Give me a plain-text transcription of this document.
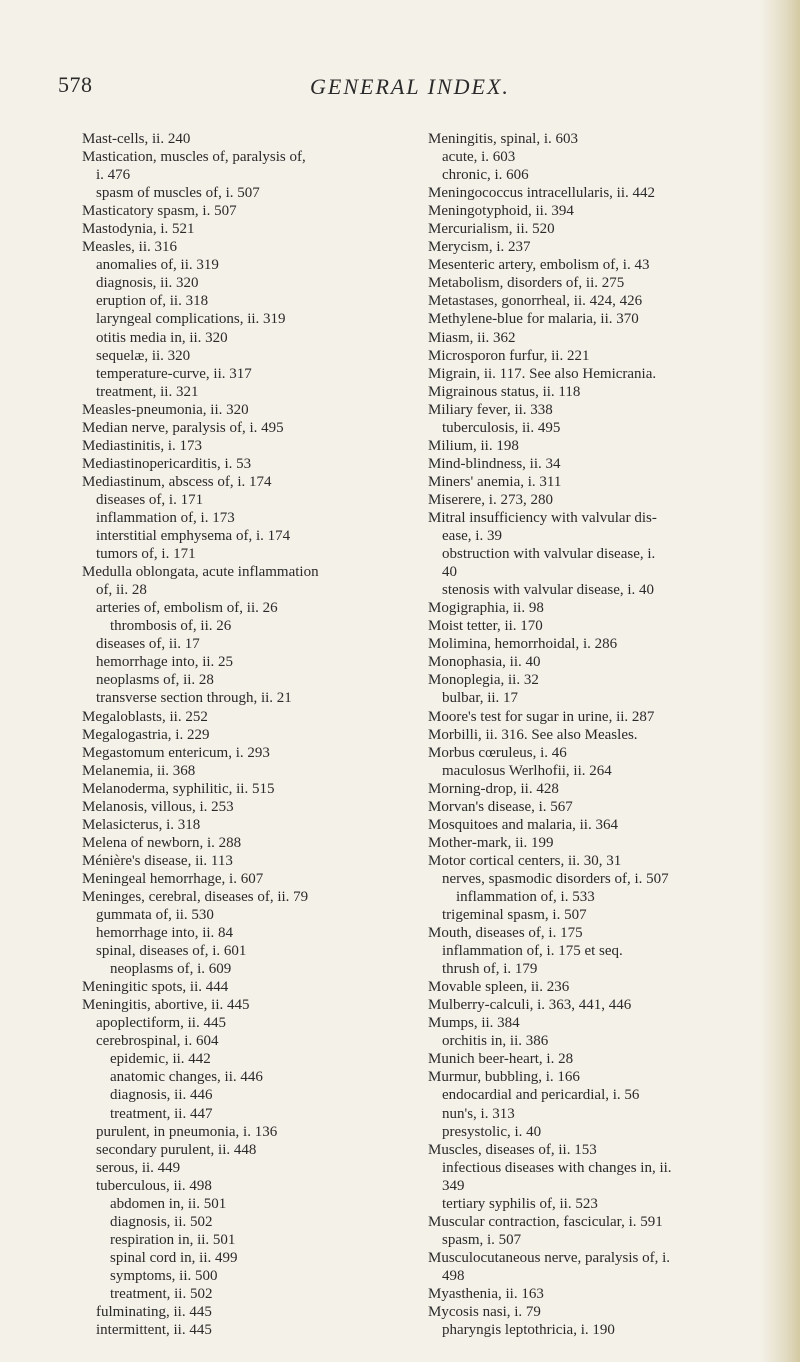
578	GENERAL INDEX.
Mast-cells, ii. 240
Mastication, muscles of, paralysis of,
i. 476
spasm of muscles of, i. 507
Masticatory spasm, i. 507
Mastodynia, i. 521
Measles, ii. 316
anomalies of, ii. 319
diagnosis, ii. 320
eruption of, ii. 318
laryngeal complications, ii. 319
otitis media in, ii. 320
sequelæ, ii. 320
temperature-curve, ii. 317
treatment, ii. 321
Measles-pneumonia, ii. 320
Median nerve, paralysis of, i. 495
Mediastinitis, i. 173
Mediastinopericarditis, i. 53
Mediastinum, abscess of, i. 174
diseases of, i. 171
inflammation of, i. 173
interstitial emphysema of, i. 174
tumors of, i. 171
Medulla oblongata, acute inflammation
of, ii. 28
arteries of, embolism of, ii. 26
thrombosis of, ii. 26
diseases of, ii. 17
hemorrhage into, ii. 25
neoplasms of, ii. 28
transverse section through, ii. 21
Megaloblasts, ii. 252
Megalogastria, i. 229
Megastomum entericum, i. 293
Melanemia, ii. 368
Melanoderma, syphilitic, ii. 515
Melanosis, villous, i. 253
Melasicterus, i. 318
Melena of newborn, i. 288
Ménière's disease, ii. 113
Meningeal hemorrhage, i. 607
Meninges, cerebral, diseases of, ii. 79
gummata of, ii. 530
hemorrhage into, ii. 84
spinal, diseases of, i. 601
neoplasms of, i. 609
Meningitic spots, ii. 444
Meningitis, abortive, ii. 445
apoplectiform, ii. 445
cerebrospinal, i. 604
epidemic, ii. 442
anatomic changes, ii. 446
diagnosis, ii. 446
treatment, ii. 447
purulent, in pneumonia, i. 136
secondary purulent, ii. 448
serous, ii. 449
tuberculous, ii. 498
abdomen in, ii. 501
diagnosis, ii. 502
respiration in, ii. 501
spinal cord in, ii. 499
symptoms, ii. 500
treatment, ii. 502
fulminating, ii. 445
intermittent, ii. 445
Meningitis, spinal, i. 603
acute, i. 603
chronic, i. 606
Meningococcus intracellularis, ii. 442
Meningotyphoid, ii. 394
Mercurialism, ii. 520
Merycism, i. 237
Mesenteric artery, embolism of, i. 43
Metabolism, disorders of, ii. 275
Metastases, gonorrheal, ii. 424, 426
Methylene-blue for malaria, ii. 370
Miasm, ii. 362
Microsporon furfur, ii. 221
Migrain, ii. 117. See also Hemicrania.
Migrainous status, ii. 118
Miliary fever, ii. 338
tuberculosis, ii. 495
Milium, ii. 198
Mind-blindness, ii. 34
Miners' anemia, i. 311
Miserere, i. 273, 280
Mitral insufficiency with valvular dis-
ease, i. 39
obstruction with valvular disease, i.
40
stenosis with valvular disease, i. 40
Mogigraphia, ii. 98
Moist tetter, ii. 170
Molimina, hemorrhoidal, i. 286
Monophasia, ii. 40
Monoplegia, ii. 32
bulbar, ii. 17
Moore's test for sugar in urine, ii. 287
Morbilli, ii. 316. See also Measles.
Morbus cœruleus, i. 46
maculosus Werlhofii, ii. 264
Morning-drop, ii. 428
Morvan's disease, i. 567
Mosquitoes and malaria, ii. 364
Mother-mark, ii. 199
Motor cortical centers, ii. 30, 31
nerves, spasmodic disorders of, i. 507
inflammation of, i. 533
trigeminal spasm, i. 507
Mouth, diseases of, i. 175
inflammation of, i. 175 et seq.
thrush of, i. 179
Movable spleen, ii. 236
Mulberry-calculi, i. 363, 441, 446
Mumps, ii. 384
orchitis in, ii. 386
Munich beer-heart, i. 28
Murmur, bubbling, i. 166
endocardial and pericardial, i. 56
nun's, i. 313
presystolic, i. 40
Muscles, diseases of, ii. 153
infectious diseases with changes in, ii.
349
tertiary syphilis of, ii. 523
Muscular contraction, fascicular, i. 591
spasm, i. 507
Musculocutaneous nerve, paralysis of, i.
498
Myasthenia, ii. 163
Mycosis nasi, i. 79
pharyngis leptothricia, i. 190
